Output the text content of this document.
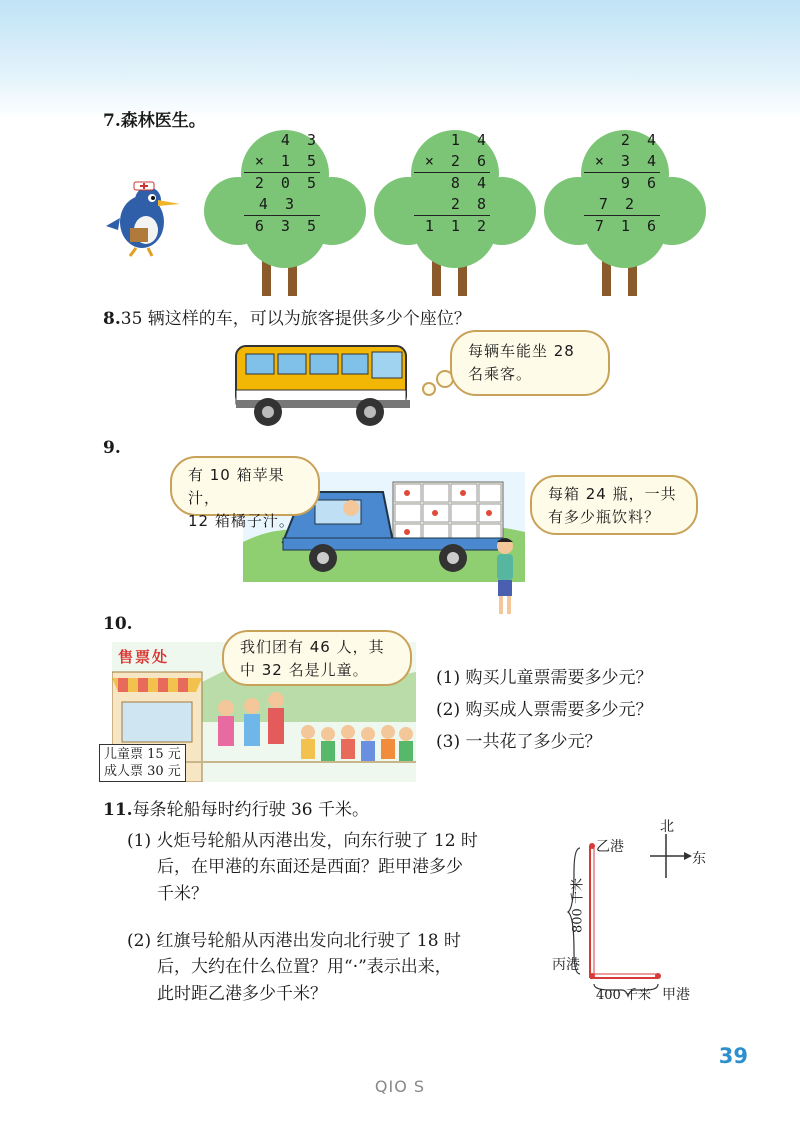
7.森林医生。
4 3
× 1 5
2 0 5
4 3
6 3 5
1 4
× 2 6
8 4
2 8
1 1 2
2 4
× 3 4
9 6
7 2
7 1 6
8.35 辆这样的车，可以为旅客提供多少个座位？
每辆车能坐 28
名乘客。
9.
有 10 箱苹果汁，
12 箱橘子汁。
每箱 24 瓶，一共
有多少瓶饮料？
10.
售票处
我们团有 46 人，其
中 32 名是儿童。
儿童票 15 元
成人票 30 元
(1) 购买儿童票需要多少元？
(2) 购买成人票需要多少元？
(3) 一共花了多少元？
11.每条轮船每时约行驶 36 千米。
(1) 火炬号轮船从丙港出发，向东行驶了 12 时
后，在甲港的东面还是西面？距甲港多少
千米？
(2) 红旗号轮船从丙港出发向北行驶了 18 时
后，大约在什么位置？用“·”表示出来，
此时距乙港多少千米？
乙港
丙港
甲港
北
东
800 千米
400 千米
39
QIO S
